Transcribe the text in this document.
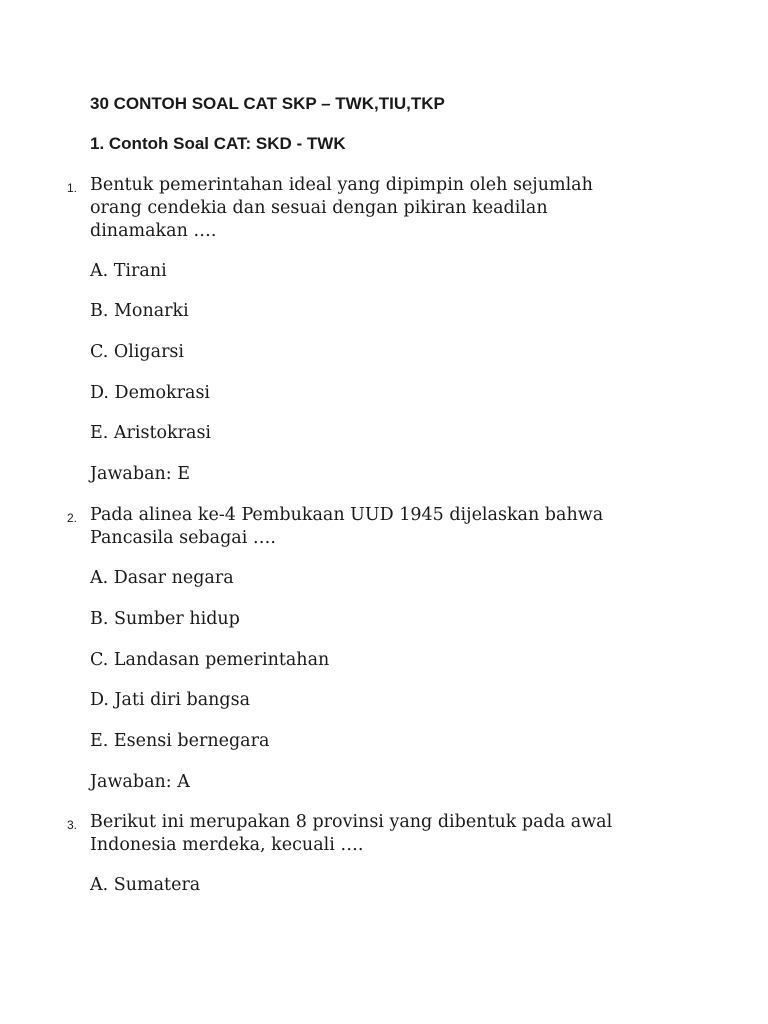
30 CONTOH SOAL CAT SKP – TWK,TIU,TKP
1. Contoh Soal CAT: SKD - TWK
1. Bentuk pemerintahan ideal yang dipimpin oleh sejumlah
orang cendekia dan sesuai dengan pikiran keadilan
dinamakan ….
A. Tirani
B. Monarki
C. Oligarsi
D. Demokrasi
E. Aristokrasi
Jawaban: E
2. Pada alinea ke-4 Pembukaan UUD 1945 dijelaskan bahwa
Pancasila sebagai ….
A. Dasar negara
B. Sumber hidup
C. Landasan pemerintahan
D. Jati diri bangsa
E. Esensi bernegara
Jawaban: A
3. Berikut ini merupakan 8 provinsi yang dibentuk pada awal
Indonesia merdeka, kecuali ….
A. Sumatera
